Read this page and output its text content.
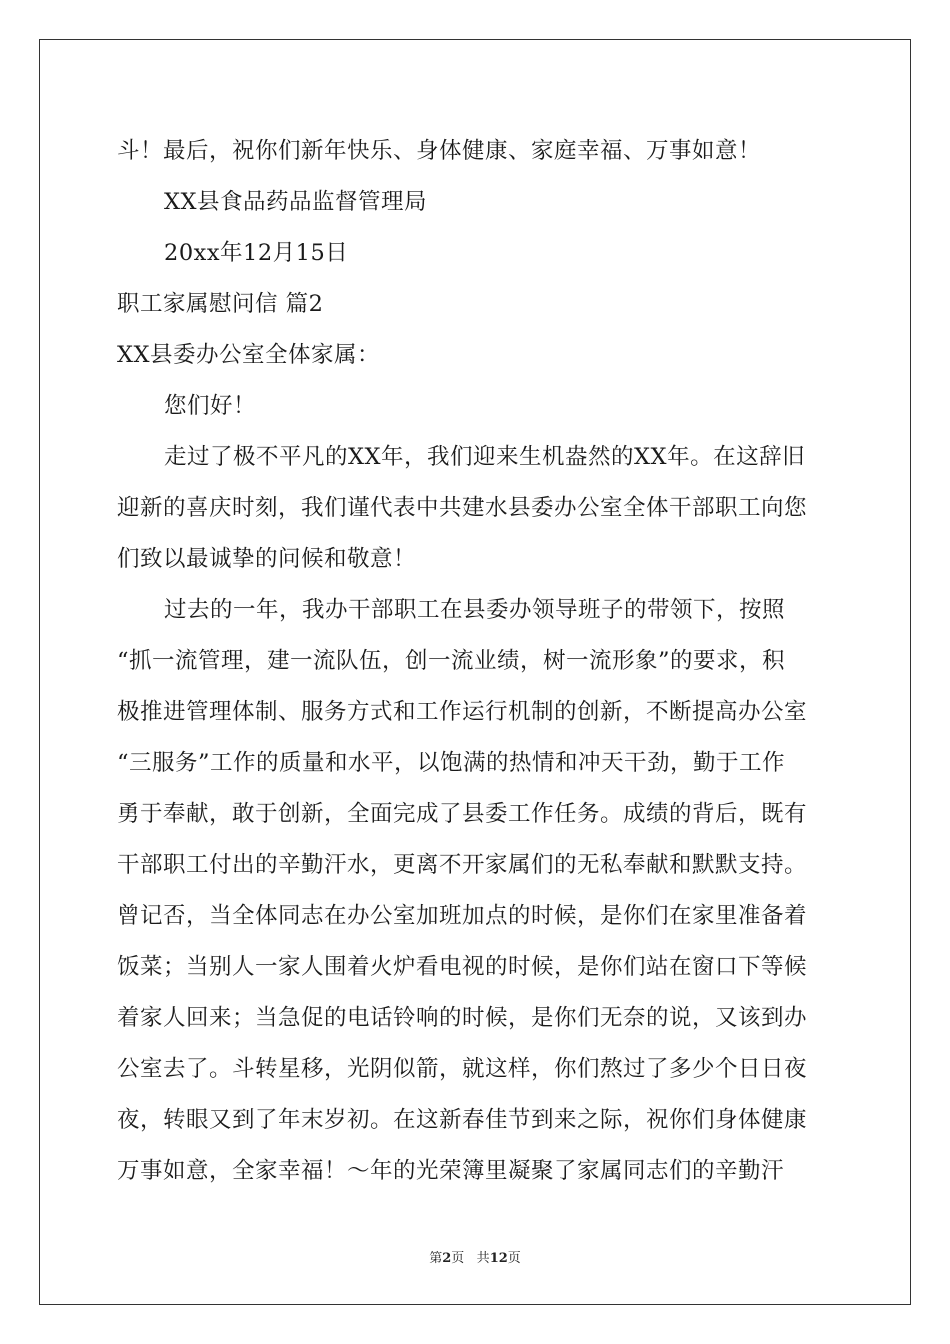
斗！最后，祝你们新年快乐、身体健康、家庭幸福、万事如意！
XX县食品药品监督管理局
20xx年12月15日
职工家属慰问信 篇2
XX县委办公室全体家属：
您们好！
走过了极不平凡的XX年，我们迎来生机盎然的XX年。在这辞旧
迎新的喜庆时刻，我们谨代表中共建水县委办公室全体干部职工向您
们致以最诚挚的问候和敬意！
过去的一年，我办干部职工在县委办领导班子的带领下，按照
“抓一流管理，建一流队伍，创一流业绩，树一流形象”的要求，积
极推进管理体制、服务方式和工作运行机制的创新，不断提高办公室
“三服务”工作的质量和水平，以饱满的热情和冲天干劲，勤于工作
勇于奉献，敢于创新，全面完成了县委工作任务。成绩的背后，既有
干部职工付出的辛勤汗水，更离不开家属们的无私奉献和默默支持。
曾记否，当全体同志在办公室加班加点的时候，是你们在家里准备着
饭菜；当别人一家人围着火炉看电视的时候，是你们站在窗口下等候
着家人回来；当急促的电话铃响的时候，是你们无奈的说，又该到办
公室去了。斗转星移，光阴似箭，就这样，你们熬过了多少个日日夜
夜，转眼又到了年末岁初。在这新春佳节到来之际，祝你们身体健康
万事如意，全家幸福！～年的光荣簿里凝聚了家属同志们的辛勤汗
第2页 共12页
